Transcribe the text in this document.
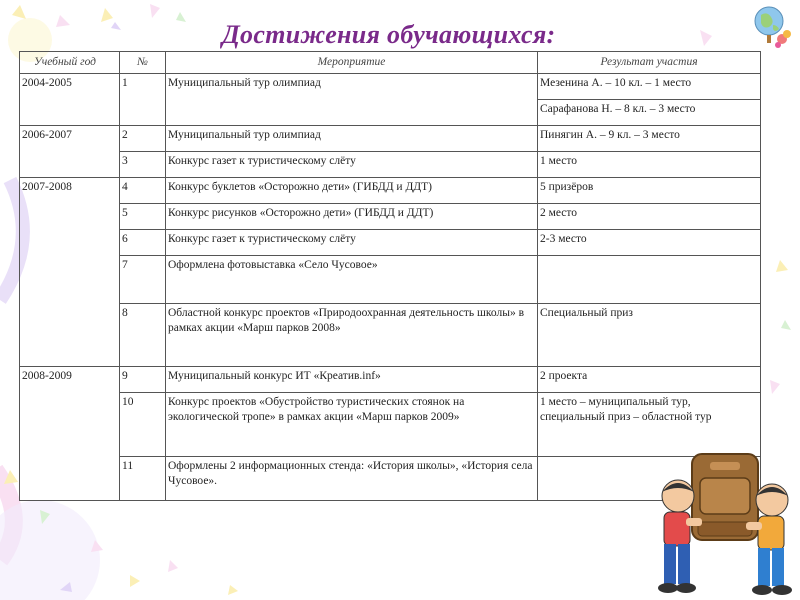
Достижения обучающихся:
Учебный год	№	Мероприятие	Результат участия
2004-2005	1	Муниципальный тур олимпиад	Мезенина А. – 10 кл. – 1 место
			Сарафанова Н. – 8 кл. – 3 место
2006-2007	2	Муниципальный тур олимпиад	Пинягин А. – 9 кл. – 3 место
	3	Конкурс газет к туристическому слёту	1 место
2007-2008	4	Конкурс буклетов «Осторожно дети» (ГИБДД и ДДТ)	5 призёров
	5	Конкурс рисунков «Осторожно дети» (ГИБДД и ДДТ)	2 место
	6	Конкурс газет к туристическому слёту	2-3 место
	7	Оформлена фотовыставка «Село Чусовое»	
	8	Областной конкурс проектов «Природоохранная деятельность школы» в рамках акции «Марш парков 2008»	Специальный приз
2008-2009	9	Муниципальный конкурс ИТ «Креатив.inf»	2 проекта
	10	Конкурс проектов «Обустройство туристических стоянок на экологической тропе» в рамках акции «Марш парков 2009»	1 место – муниципальный тур, специальный приз – областной тур
	11	Оформлены 2 информационных стенда: «История школы», «История села Чусовое».	
